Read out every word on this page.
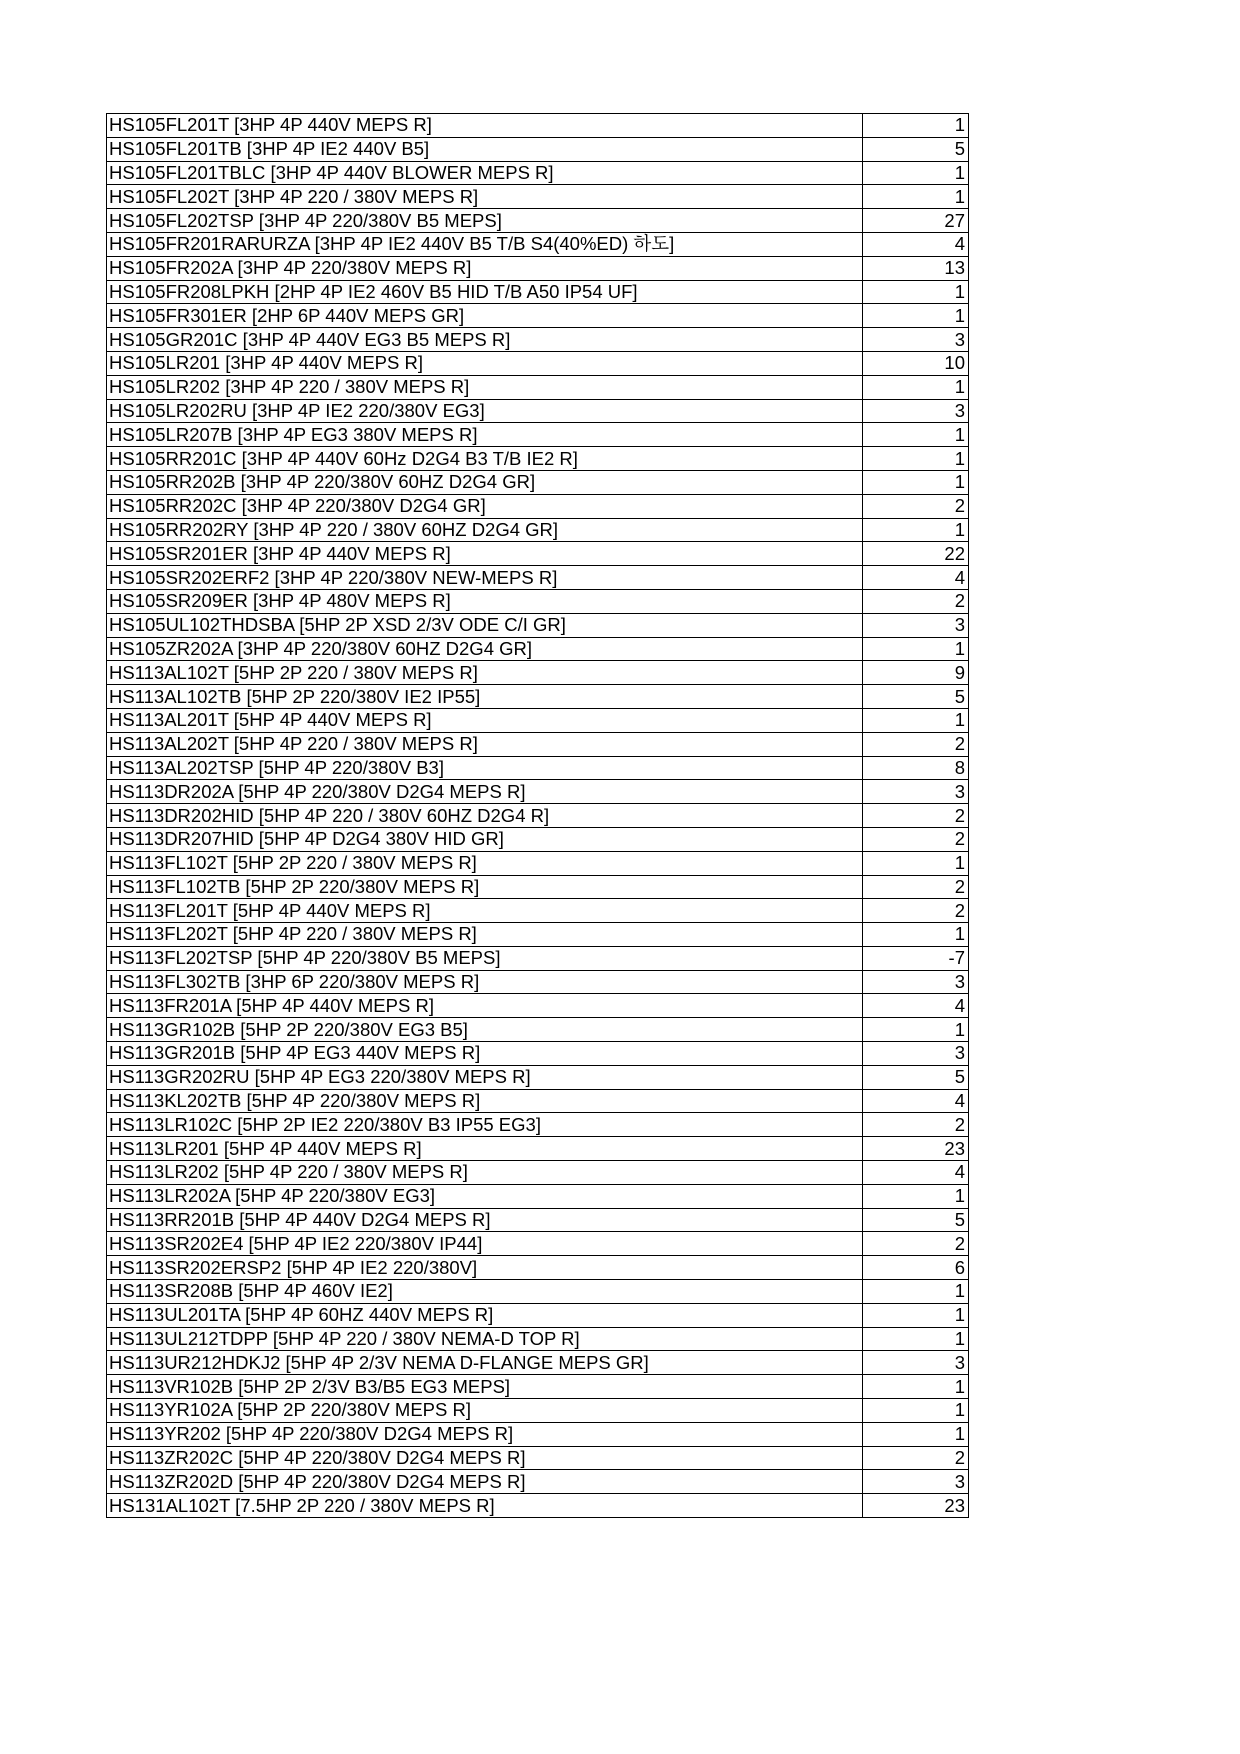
HS105FL201T [3HP 4P 440V MEPS R]	1
HS105FL201TB [3HP 4P IE2 440V B5]	5
HS105FL201TBLC [3HP 4P 440V BLOWER MEPS R]	1
HS105FL202T [3HP 4P 220 / 380V MEPS R]	1
HS105FL202TSP [3HP 4P 220/380V B5 MEPS]	27
HS105FR201RARURZA [3HP 4P IE2 440V B5 T/B S4(40%ED) 하도]	4
HS105FR202A [3HP 4P 220/380V MEPS R]	13
HS105FR208LPKH [2HP 4P IE2 460V B5 HID T/B A50 IP54 UF]	1
HS105FR301ER [2HP 6P 440V MEPS GR]	1
HS105GR201C [3HP 4P 440V EG3 B5 MEPS R]	3
HS105LR201 [3HP 4P 440V MEPS R]	10
HS105LR202 [3HP 4P 220 / 380V MEPS R]	1
HS105LR202RU [3HP 4P IE2 220/380V EG3]	3
HS105LR207B [3HP 4P EG3 380V MEPS R]	1
HS105RR201C [3HP 4P 440V 60Hz D2G4 B3 T/B IE2 R]	1
HS105RR202B [3HP 4P 220/380V 60HZ D2G4 GR]	1
HS105RR202C [3HP 4P 220/380V D2G4 GR]	2
HS105RR202RY [3HP 4P 220 / 380V 60HZ D2G4 GR]	1
HS105SR201ER [3HP 4P 440V MEPS R]	22
HS105SR202ERF2 [3HP 4P 220/380V NEW-MEPS R]	4
HS105SR209ER [3HP 4P 480V MEPS R]	2
HS105UL102THDSBA [5HP 2P XSD 2/3V ODE C/I GR]	3
HS105ZR202A [3HP 4P 220/380V 60HZ D2G4 GR]	1
HS113AL102T [5HP 2P 220 / 380V MEPS R]	9
HS113AL102TB [5HP 2P 220/380V IE2 IP55]	5
HS113AL201T [5HP 4P 440V MEPS R]	1
HS113AL202T [5HP 4P 220 / 380V MEPS R]	2
HS113AL202TSP [5HP 4P 220/380V B3]	8
HS113DR202A [5HP 4P 220/380V D2G4 MEPS R]	3
HS113DR202HID [5HP 4P 220 / 380V 60HZ D2G4 R]	2
HS113DR207HID [5HP 4P D2G4 380V HID GR]	2
HS113FL102T [5HP 2P 220 / 380V MEPS R]	1
HS113FL102TB [5HP 2P 220/380V MEPS R]	2
HS113FL201T [5HP 4P 440V MEPS R]	2
HS113FL202T [5HP 4P 220 / 380V MEPS R]	1
HS113FL202TSP [5HP 4P 220/380V B5 MEPS]	-7
HS113FL302TB [3HP 6P 220/380V MEPS R]	3
HS113FR201A [5HP 4P 440V MEPS R]	4
HS113GR102B [5HP 2P 220/380V EG3 B5]	1
HS113GR201B [5HP 4P EG3 440V MEPS R]	3
HS113GR202RU [5HP 4P EG3 220/380V MEPS R]	5
HS113KL202TB [5HP 4P 220/380V MEPS R]	4
HS113LR102C [5HP 2P IE2 220/380V B3 IP55 EG3]	2
HS113LR201 [5HP 4P 440V MEPS R]	23
HS113LR202 [5HP 4P 220 / 380V MEPS R]	4
HS113LR202A [5HP 4P 220/380V EG3]	1
HS113RR201B [5HP 4P 440V D2G4 MEPS R]	5
HS113SR202E4 [5HP 4P IE2 220/380V IP44]	2
HS113SR202ERSP2 [5HP 4P IE2 220/380V]	6
HS113SR208B [5HP 4P 460V IE2]	1
HS113UL201TA [5HP 4P 60HZ 440V MEPS R]	1
HS113UL212TDPP [5HP 4P 220 / 380V NEMA-D TOP R]	1
HS113UR212HDKJ2 [5HP 4P 2/3V NEMA D-FLANGE MEPS GR]	3
HS113VR102B [5HP 2P 2/3V B3/B5 EG3 MEPS]	1
HS113YR102A [5HP 2P 220/380V MEPS R]	1
HS113YR202 [5HP 4P 220/380V D2G4 MEPS R]	1
HS113ZR202C [5HP 4P 220/380V D2G4 MEPS R]	2
HS113ZR202D [5HP 4P 220/380V D2G4 MEPS R]	3
HS131AL102T [7.5HP 2P 220 / 380V MEPS R]	23
